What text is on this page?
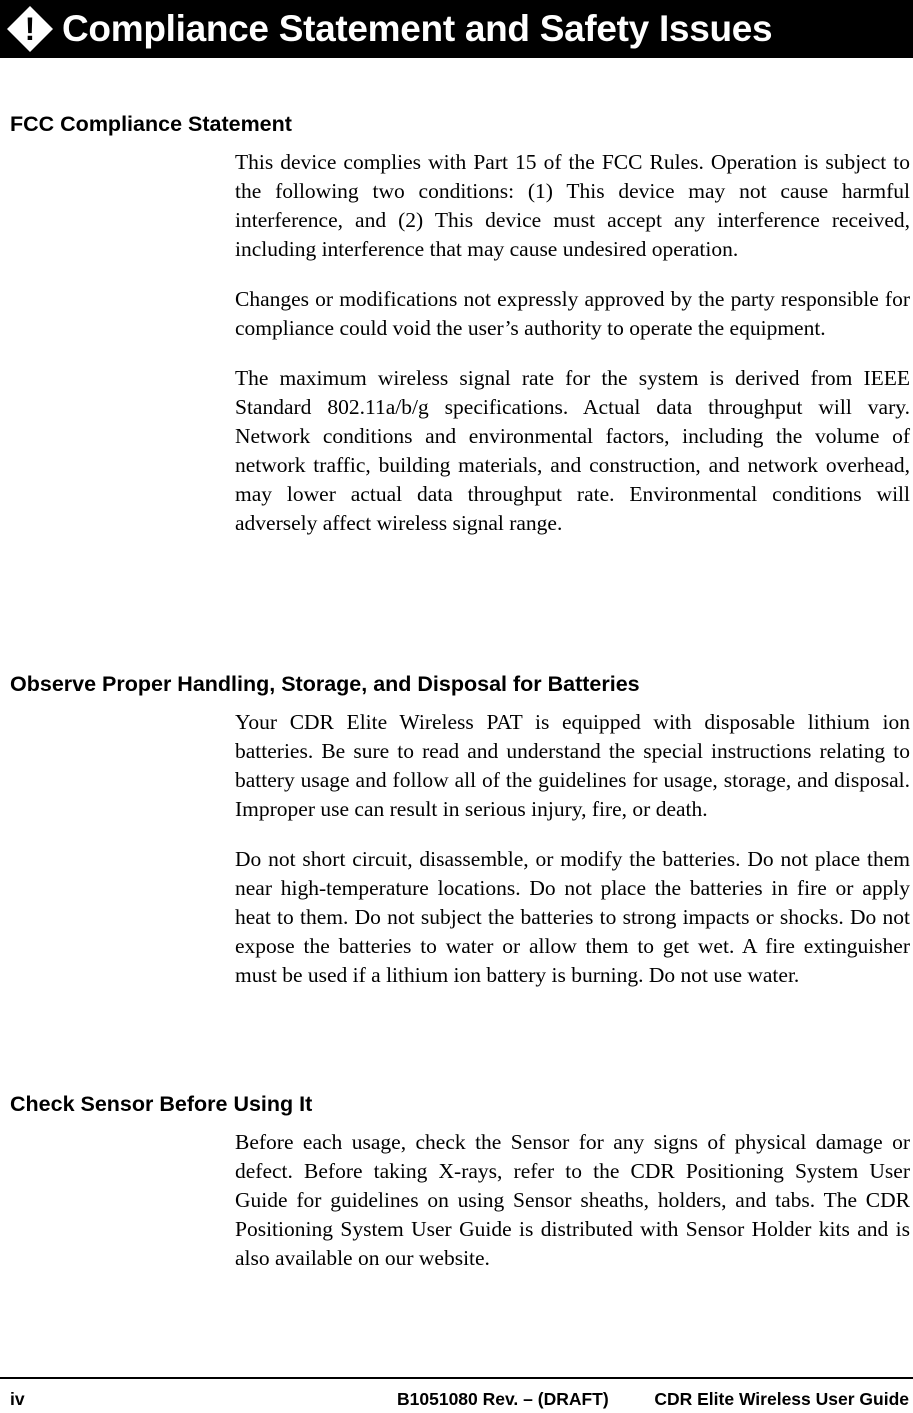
! Compliance Statement and Safety Issues
FCC Compliance Statement

This device complies with Part 15 of the FCC Rules. Operation is subject to the following two conditions: (1) This device may not cause harmful interference, and (2) This device must accept any interference received, including interference that may cause undesired operation.

Changes or modifications not expressly approved by the party responsible for compliance could void the user’s authority to operate the equipment.

The maximum wireless signal rate for the system is derived from IEEE Standard 802.11a/b/g specifications. Actual data throughput will vary. Network conditions and environmental factors, including the volume of network traffic, building materials, and construction, and network overhead, may lower actual data throughput rate. Environmental conditions will adversely affect wireless signal range.

Observe Proper Handling, Storage, and Disposal for Batteries

Your CDR Elite Wireless PAT is equipped with disposable lithium ion batteries. Be sure to read and understand the special instructions relating to battery usage and follow all of the guidelines for usage, storage, and disposal. Improper use can result in serious injury, fire, or death.

Do not short circuit, disassemble, or modify the batteries. Do not place them near high-temperature locations. Do not place the batteries in fire or apply heat to them. Do not subject the batteries to strong impacts or shocks. Do not expose the batteries to water or allow them to get wet. A fire extinguisher must be used if a lithium ion battery is burning. Do not use water.

Check Sensor Before Using It

Before each usage, check the Sensor for any signs of physical damage or defect. Before taking X-rays, refer to the CDR Positioning System User Guide for guidelines on using Sensor sheaths, holders, and tabs. The CDR Positioning System User Guide is distributed with Sensor Holder kits and is also available on our website.

iv	B1051080 Rev. – (DRAFT)	CDR Elite Wireless User Guide
